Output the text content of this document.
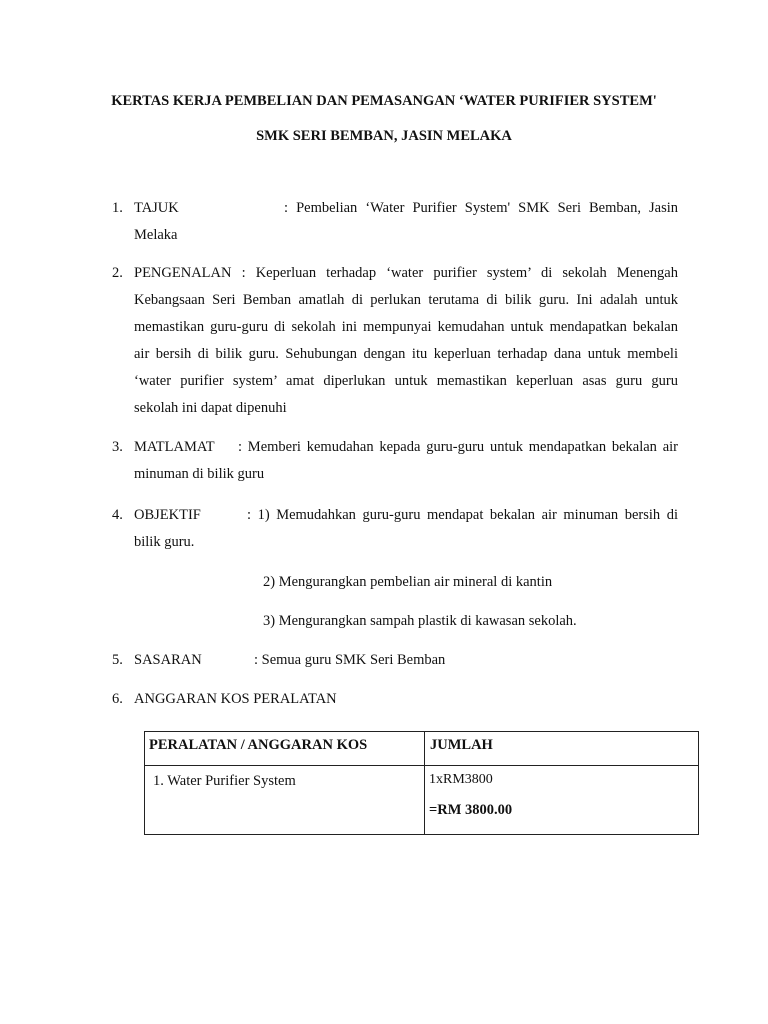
KERTAS KERJA PEMBELIAN DAN PEMASANGAN ‘WATER PURIFIER SYSTEM'
SMK SERI BEMBAN, JASIN MELAKA
1. TAJUK	: Pembelian ‘Water Purifier System' SMK Seri Bemban, Jasin
Melaka
2. PENGENALAN : Keperluan terhadap ‘water purifier system’ di sekolah Menengah
Kebangsaan Seri Bemban amatlah di perlukan terutama di bilik guru. Ini adalah untuk
memastikan guru-guru di sekolah ini mempunyai kemudahan untuk mendapatkan bekalan
air bersih di bilik guru. Sehubungan dengan itu keperluan terhadap dana untuk membeli
‘water purifier system’ amat diperlukan untuk memastikan keperluan asas guru guru
sekolah ini dapat dipenuhi
3. MATLAMAT : Memberi kemudahan kepada guru-guru untuk mendapatkan bekalan air
minuman di bilik guru
4. OBJEKTIF	: 1) Memudahkan guru-guru mendapat bekalan air minuman bersih di
bilik guru.
2) Mengurangkan pembelian air mineral di kantin
3) Mengurangkan sampah plastik di kawasan sekolah.
5. SASARAN	: Semua guru SMK Seri Bemban
6. ANGGARAN KOS PERALATAN
PERALATAN / ANGGARAN KOS	JUMLAH

1. Water Purifier System	1xRM3800
=RM 3800.00
